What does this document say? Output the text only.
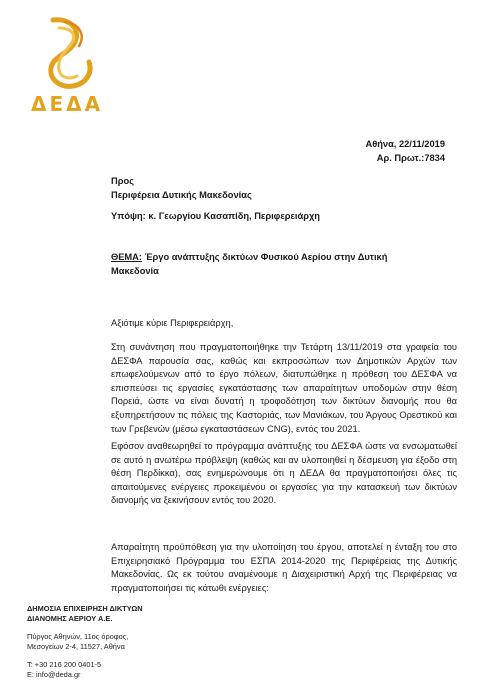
ΔΕΔΑ
Αθήνα, 22/11/2019
Αρ. Πρωτ.:7834
Προς
Περιφέρεια Δυτικής Μακεδονίας
Υπόψη: κ. Γεωργίου Κασαπίδη, Περιφερειάρχη
ΘΕΜΑ: Έργο ανάπτυξης δικτύων Φυσικού Αερίου στην Δυτική Μακεδονία
Αξιότιμε κύριε Περιφερειάρχη,
Στη συνάντηση που πραγματοποιήθηκε την Τετάρτη 13/11/2019 στα γραφεία του ΔΕΣΦΑ παρουσία σας, καθώς και εκπροσώπων των Δημοτικών Αρχών των επωφελούμενων από το έργο πόλεων, διατυπώθηκε η πρόθεση του ΔΕΣΦΑ να επισπεύσει τις εργασίες εγκατάστασης των απαραίτητων υποδομών στην θέση Πορειά, ώστε να είναι δυνατή η τροφοδότηση των δικτύων διανομής που θα εξυπηρετήσουν τις πόλεις της Καστοριάς, των Μανιάκων, του Άργους Ορεστικού και των Γρεβενών (μέσω εγκαταστάσεων CNG), εντός του 2021.
Εφόσον αναθεωρηθεί το πρόγραμμα ανάπτυξης του ΔΕΣΦΑ ώστε να ενσωματωθεί σε αυτό η ανωτέρω πρόβλεψη (καθώς και αν υλοποιηθεί η δέσμευση για έξοδο στη θέση Περδίκκα), σας ενημερώνουμε ότι η ΔΕΔΑ θα πραγματοποιήσει όλες τις απαιτούμενες ενέργειες προκειμένου οι εργασίες για την κατασκευή των δικτύων διανομής να ξεκινήσουν εντός του 2020.
Απαραίτητη προϋπόθεση για την υλοποίηση του έργου, αποτελεί η ένταξη του στο Επιχειρησιακό Πρόγραμμα του ΕΣΠΑ 2014-2020 της Περιφέρειας της Δυτικής Μακεδονίας. Ως εκ τούτου αναμένουμε η Διαχειριστική Αρχή της Περιφέρειας να πραγματοποιήσει τις κάτωθι ενέργειες:
ΔΗΜΟΣΙΑ ΕΠΙΧΕΙΡΗΣΗ ΔΙΚΤΥΩΝ
ΔΙΑΝΟΜΗΣ ΑΕΡΙΟΥ Α.Ε.
Πύργος Αθηνών, 11ος όροφος,
Μεσογείων 2-4, 11527, Αθήνα
T: +30 216 200 0401-5
E: info@deda.gr
